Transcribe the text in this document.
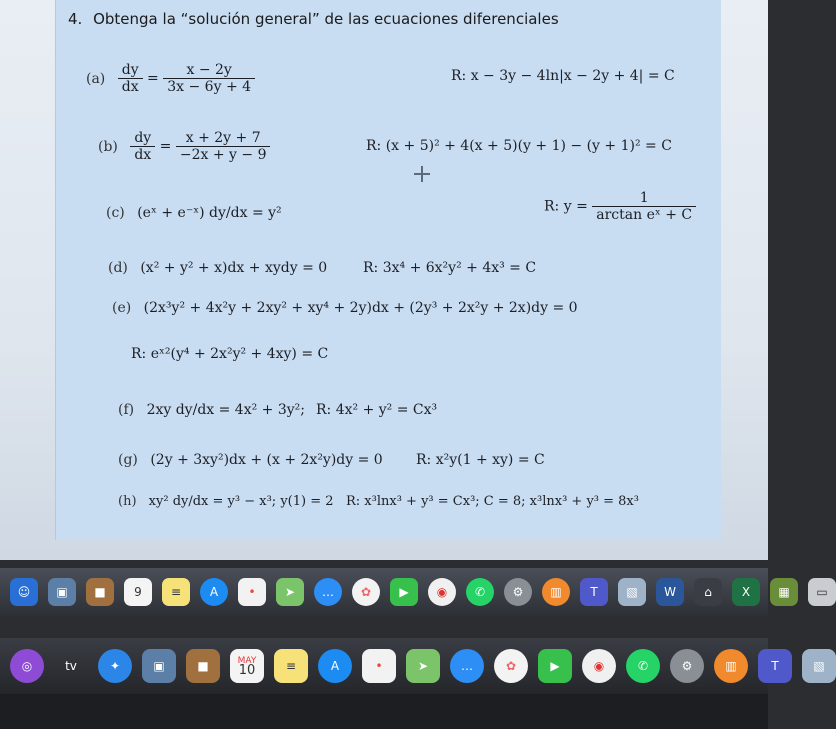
4. Obtenga la “solución general” de las ecuaciones diferenciales
$(a) \frac{dy}{dx} = \frac{x - 2y}{3x - 6y + 4}$	R: x − 3y − 4ln|x − 2y + 4| = C
$(b) \frac{dy}{dx} = \frac{x + 2y + 7}{-2x + y - 9}$	R: (x + 5)² + 4(x + 5)(y + 1) − (y + 1)² = C
(c) (eˣ + e⁻ˣ) dy/dx = y²	R: $y = \frac{1}{\text{arctan eˣ + C}}$
(d) (x² + y² + x)dx + xydy = 0	R: 3x⁴ + 6x²y² + 4x³ = C
(e) (2x³y² + 4x²y + 2xy² + xy⁴ + 2y)dx + (2y³ + 2x²y + 2x)dy = 0
R: eˣ²(y⁴ + 2x²y² + 4xy) = C
(f) 2xy dy/dx = 4x² + 3y²; R: 4x² + y² = Cx³
(g) (2y + 3xy²)dx + (x + 2x²y)dy = 0 R: x²y(1 + xy) = C
(h) xy² dy/dx = y³ − x³; y(1) = 2 R: x³lnx³ + y³ = Cx³; C = 8; x³lnx³ + y³ = 8x³
☺	▣	■	9	≡	A	•	➤	…	✿	▶	◉	✆	⚙	▥	T	▧	W	⌂	X	▦	▭
◎	tv	✦	▣	■	MAY
10	≡	A	•	➤	…	✿	▶	◉	✆	⚙	▥	T	▧
